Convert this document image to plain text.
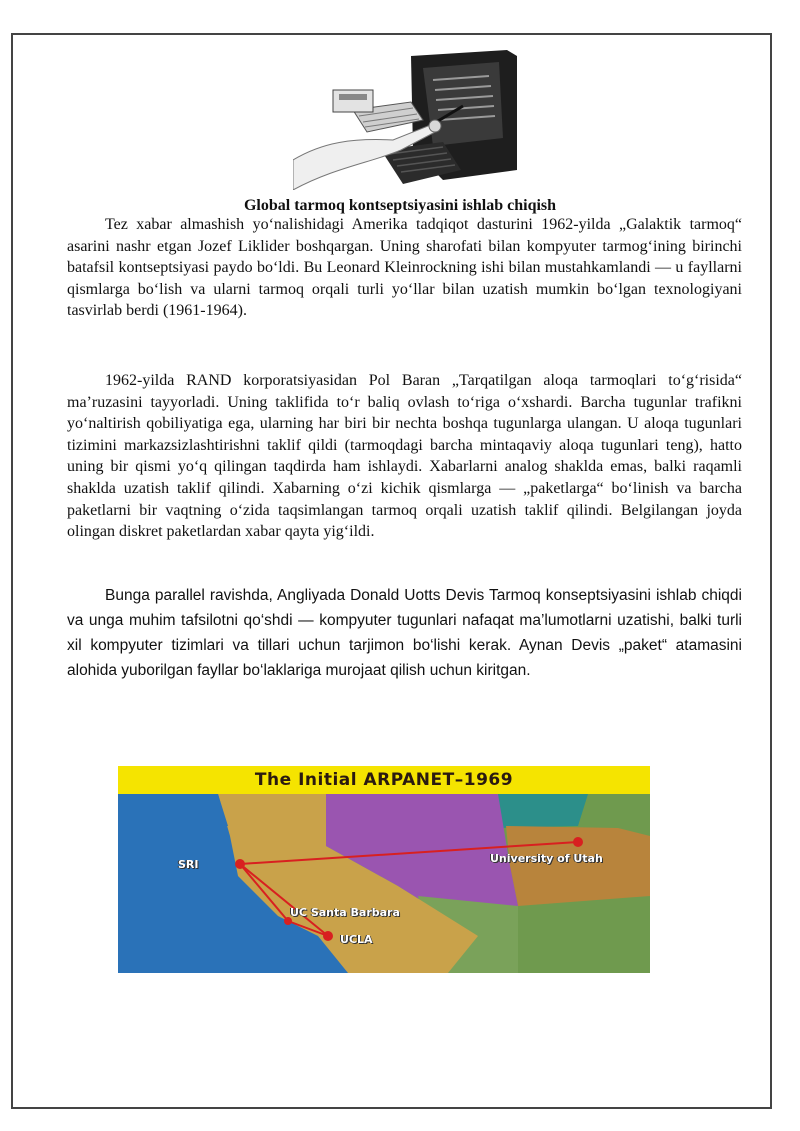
Global tarmoq kontseptsiyasini ishlab chiqish

Tez xabar almashish yo‘nalishidagi Amerika tadqiqot dasturini 1962-yilda „Galaktik tarmoq“ asarini nashr etgan Jozef Liklider boshqargan. Uning sharofati bilan kompyuter tarmog‘ining birinchi batafsil kontseptsiyasi paydo bo‘ldi. Bu Leonard Kleinrockning ishi bilan mustahkamlandi — u fayllarni qismlarga bo‘lish va ularni tarmoq orqali turli yo‘llar bilan uzatish mumkin bo‘lgan texnologiyani tasvirlab berdi (1961-1964).

1962-yilda RAND korporatsiyasidan Pol Baran „Tarqatilgan aloqa tarmoqlari to‘g‘risida“ ma’ruzasini tayyorladi. Uning taklifida to‘r baliq ovlash to‘riga o‘xshardi. Barcha tugunlar trafikni yo‘naltirish qobiliyatiga ega, ularning har biri bir nechta boshqa tugunlarga ulangan. U aloqa tugunlari tizimini markazsizlashtirishni taklif qildi (tarmoqdagi barcha mintaqaviy aloqa tugunlari teng), hatto uning bir qismi yo‘q qilingan taqdirda ham ishlaydi. Xabarlarni analog shaklda emas, balki raqamli shaklda uzatish taklif qilindi. Xabarning o‘zi kichik qismlarga — „paketlarga“ bo‘linish va barcha paketlarni bir vaqtning o‘zida taqsimlangan tarmoq orqali uzatish taklif qilindi. Belgilangan joyda olingan diskret paketlardan xabar qayta yig‘ildi.

Bunga parallel ravishda, Angliyada Donald Uotts Devis Tarmoq konseptsiyasini ishlab chiqdi va unga muhim tafsilotni qo‘shdi — kompyuter tugunlari nafaqat ma’lumotlarni uzatishi, balki turli xil kompyuter tizimlari va tillari uchun tarjimon bo‘lishi kerak. Aynan Devis „paket“ atamasini alohida yuborilgan fayllar bo‘laklariga murojaat qilish uchun kiritgan.

The Initial ARPANET–1969
SRI	University of Utah
UC Santa Barbara
UCLA
